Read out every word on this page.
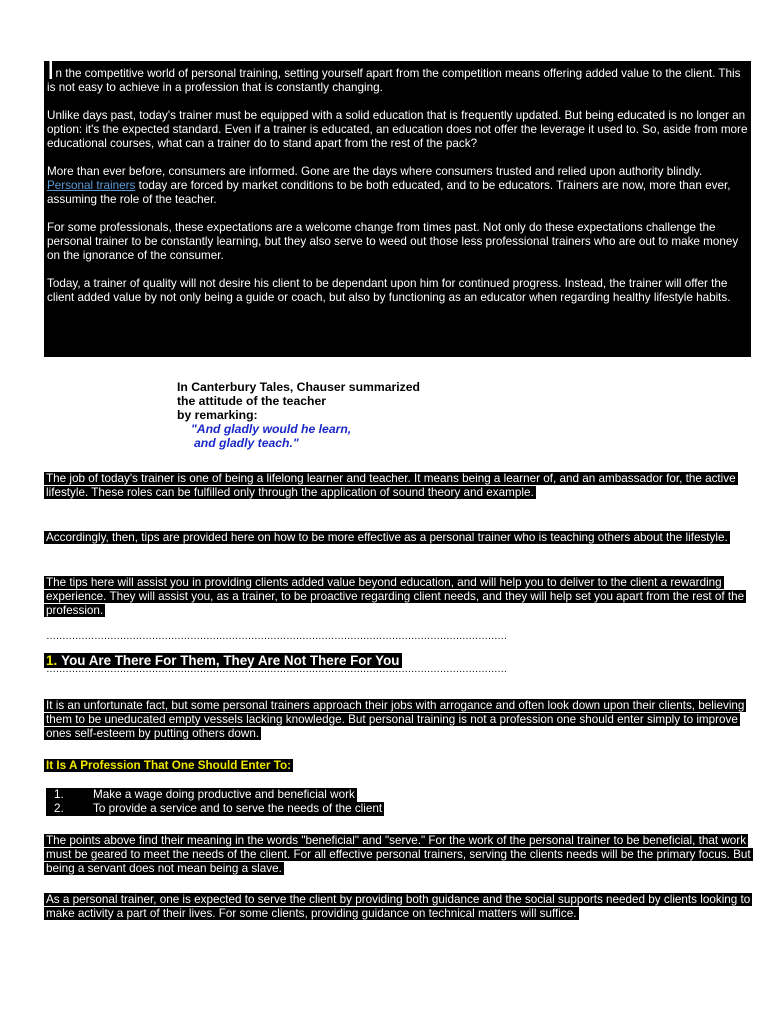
In the competitive world of personal training, setting yourself apart from the competition means offering added value to the client. This is not easy to achieve in a profession that is constantly changing.

Unlike days past, today's trainer must be equipped with a solid education that is frequently updated. But being educated is no longer an option: it's the expected standard. Even if a trainer is educated, an education does not offer the leverage it used to. So, aside from more educational courses, what can a trainer do to stand apart from the rest of the pack?

More than ever before, consumers are informed. Gone are the days where consumers trusted and relied upon authority blindly. Personal trainers today are forced by market conditions to be both educated, and to be educators. Trainers are now, more than ever, assuming the role of the teacher.

For some professionals, these expectations are a welcome change from times past. Not only do these expectations challenge the personal trainer to be constantly learning, but they also serve to weed out those less professional trainers who are out to make money on the ignorance of the consumer.

Today, a trainer of quality will not desire his client to be dependant upon him for continued progress. Instead, the trainer will offer the client added value by not only being a guide or coach, but also by functioning as an educator when regarding healthy lifestyle habits.

In Canterbury Tales, Chauser summarized
the attitude of the teacher
by remarking:
"And gladly would he learn,
and gladly teach."

The job of today's trainer is one of being a lifelong learner and teacher. It means being a learner of, and an ambassador for, the active lifestyle. These roles can be fulfilled only through the application of sound theory and example.

Accordingly, then, tips are provided here on how to be more effective as a personal trainer who is teaching others about the lifestyle.

The tips here will assist you in providing clients added value beyond education, and will help you to deliver to the client a rewarding experience. They will assist you, as a trainer, to be proactive regarding client needs, and they will help set you apart from the rest of the profession.

………………………………………………………………………………………………………………………………
1. You Are There For Them, They Are Not There For You
………………………………………………………………………………………………………………………………

It is an unfortunate fact, but some personal trainers approach their jobs with arrogance and often look down upon their clients, believing them to be uneducated empty vessels lacking knowledge. But personal training is not a profession one should enter simply to improve ones self-esteem by putting others down.

It Is A Profession That One Should Enter To:
1.	Make a wage doing productive and beneficial work
2.	To provide a service and to serve the needs of the client

The points above find their meaning in the words "beneficial" and "serve." For the work of the personal trainer to be beneficial, that work must be geared to meet the needs of the client. For all effective personal trainers, serving the clients needs will be the primary focus. But being a servant does not mean being a slave.

As a personal trainer, one is expected to serve the client by providing both guidance and the social supports needed by clients looking to make activity a part of their lives. For some clients, providing guidance on technical matters will suffice.
